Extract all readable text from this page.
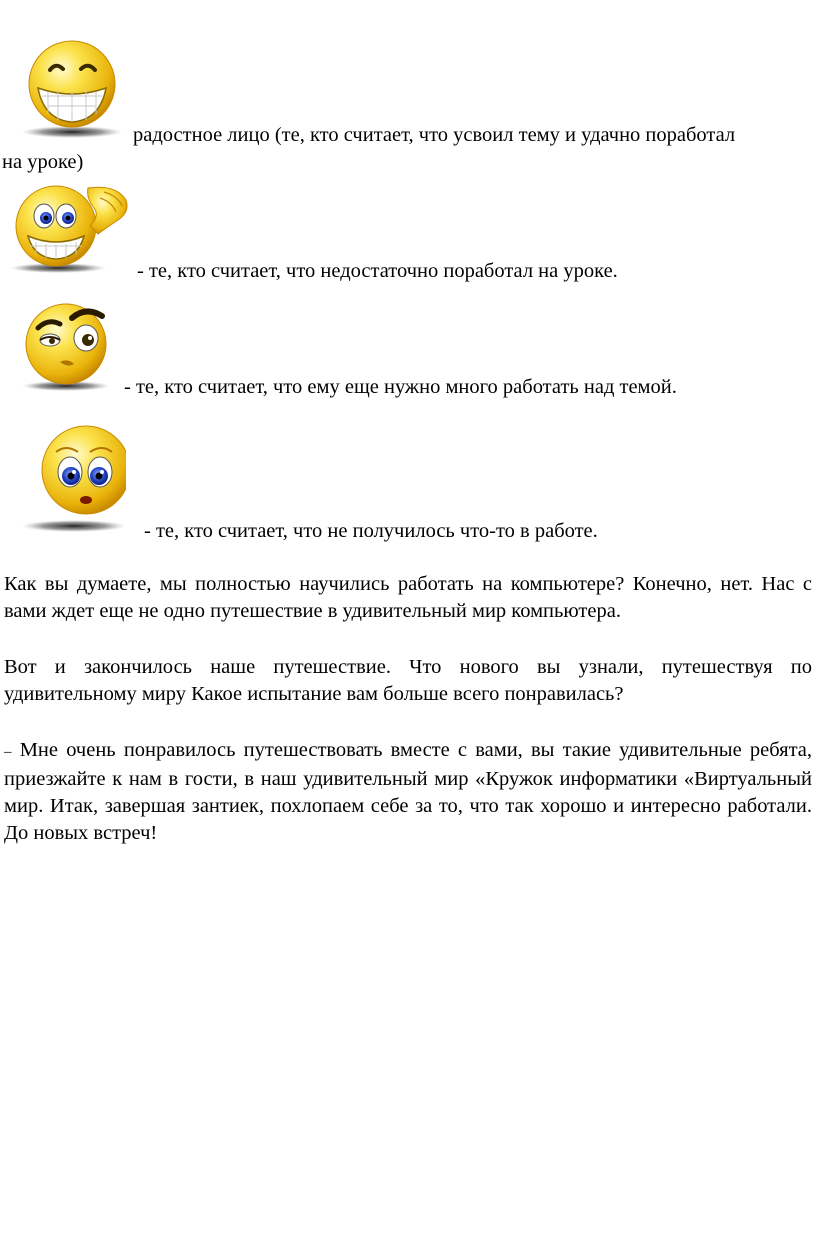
радостное лицо (те, кто считает, что усвоил тему и удачно поработал
на уроке)
- те, кто считает, что недостаточно поработал на уроке.
- те, кто считает, что ему еще нужно много работать над темой.
- те, кто считает, что не получилось что-то в работе.
Как вы думаете, мы полностью научились работать на компьютере? Конечно, нет. Нас с вами ждет еще не одно путешествие в удивительный мир компьютера.
Вот и закончилось наше путешествие. Что нового вы узнали, путешествуя по удивительному миру Какое испытание вам больше всего понравилась?
– Мне очень понравилось путешествовать вместе с вами, вы такие удивительные ребята, приезжайте к нам в гости, в наш удивительный мир «Кружок информатики «Виртуальный мир. Итак, завершая зантиек, похлопаем себе за то, что так хорошо и интересно работали. До новых встреч!
